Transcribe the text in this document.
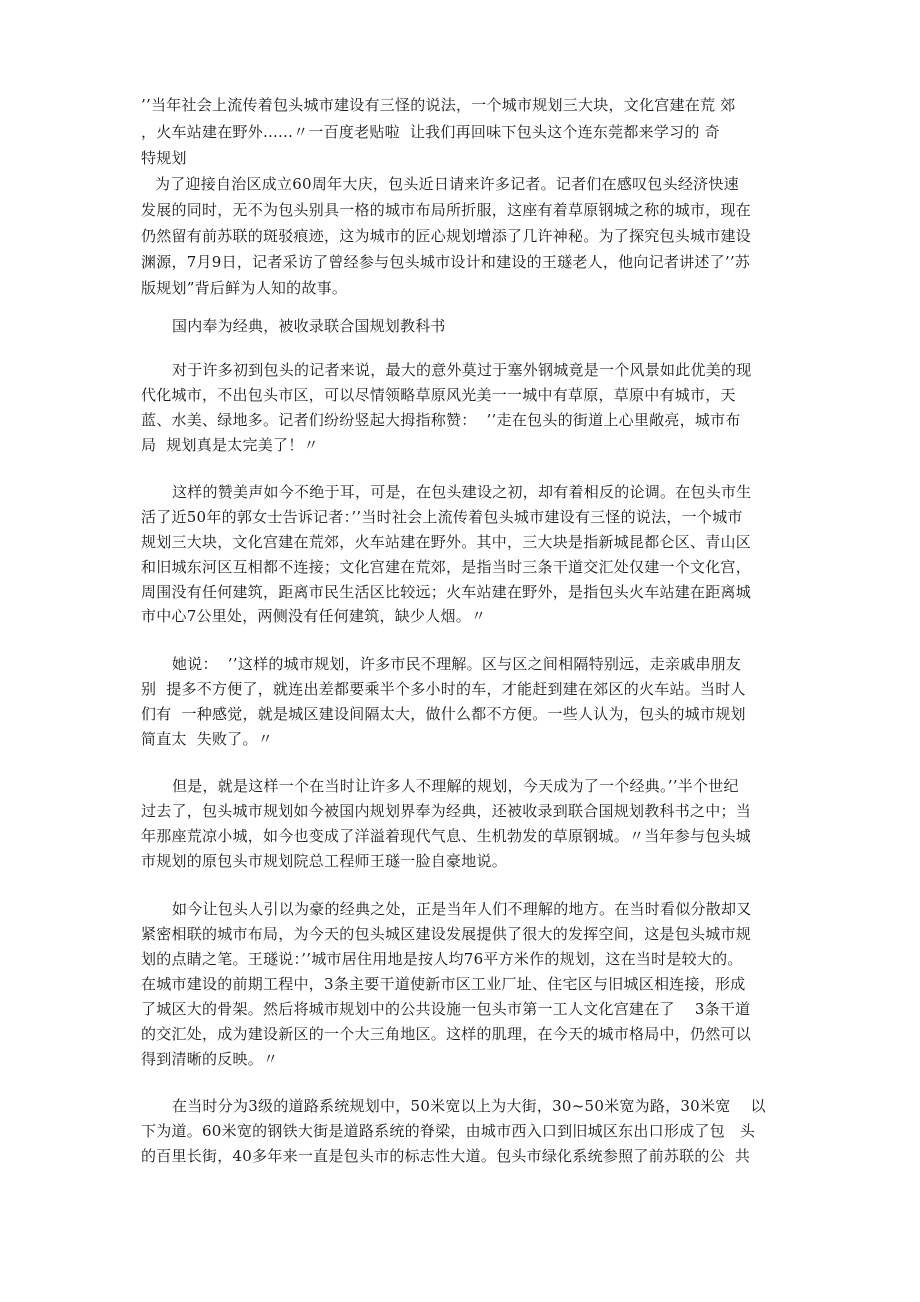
’’当年社会上流传着包头城市建设有三怪的说法，一个城市规划三大块，文化宫建在荒 郊
，火车站建在野外......〃一百度老贴啦  让我们再回味下包头这个连东莞都来学习的 奇
特规划
为了迎接自治区成立60周年大庆，包头近日请来许多记者。记者们在感叹包头经济快速
发展的同时，无不为包头别具一格的城市布局所折服，这座有着草原钢城之称的城市，现在
仍然留有前苏联的斑驳痕迹，这为城市的匠心规划增添了几许神秘。为了探究包头城市建设
渊源，7月9日，记者采访了曾经参与包头城市设计和建设的王璲老人，他向记者讲述了’’苏
版规划”背后鲜为人知的故事。
国内奉为经典，被收录联合国规划教科书
对于许多初到包头的记者来说，最大的意外莫过于塞外钢城竟是一个风景如此优美的现
代化城市，不出包头市区，可以尽情领略草原风光美一一城中有草原，草原中有城市，天
蓝、水美、绿地多。记者们纷纷竖起大拇指称赞：  ’’走在包头的街道上心里敞亮，城市布
局  规划真是太完美了！〃
这样的赞美声如今不绝于耳，可是，在包头建设之初，却有着相反的论调。在包头市生
活了近50年的郭女士告诉记者：’’当时社会上流传着包头城市建设有三怪的说法，一个城市
规划三大块，文化宫建在荒郊，火车站建在野外。其中，三大块是指新城昆都仑区、青山区
和旧城东河区互相都不连接；文化宫建在荒郊，是指当时三条干道交汇处仅建一个文化宫，
周围没有任何建筑，距离市民生活区比较远；火车站建在野外，是指包头火车站建在距离城
市中心7公里处，两侧没有任何建筑，缺少人烟。〃
她说：  ’’这样的城市规划，许多市民不理解。区与区之间相隔特别远，走亲戚串朋友
别  提多不方便了，就连出差都要乘半个多小时的车，才能赶到建在郊区的火车站。当时人
们有  一种感觉，就是城区建设间隔太大，做什么都不方便。一些人认为，包头的城市规划
简直太  失败了。〃
但是，就是这样一个在当时让许多人不理解的规划，今天成为了一个经典。’’半个世纪
过去了，包头城市规划如今被国内规划界奉为经典，还被收录到联合国规划教科书之中；当
年那座荒凉小城，如今也变成了洋溢着现代气息、生机勃发的草原钢城。〃当年参与包头城
市规划的原包头市规划院总工程师王璲一脸自豪地说。
如今让包头人引以为豪的经典之处，正是当年人们不理解的地方。在当时看似分散却又
紧密相联的城市布局，为今天的包头城区建设发展提供了很大的发挥空间，这是包头城市规
划的点睛之笔。王璲说：’’城市居住用地是按人均76平方米作的规划，这在当时是较大的。
在城市建设的前期工程中，3条主要干道使新市区工业厂址、住宅区与旧城区相连接，形成
了城区大的骨架。然后将城市规划中的公共设施一包头市第一工人文化宫建在了    3条干道
的交汇处，成为建设新区的一个大三角地区。这样的肌理，在今天的城市格局中，仍然可以
得到清晰的反映。〃
在当时分为3级的道路系统规划中，50米宽以上为大街，30~50米宽为路，30米宽    以
下为道。60米宽的钢铁大街是道路系统的脊梁，由城市西入口到旧城区东出口形成了包   头
的百里长街，40多年来一直是包头市的标志性大道。包头市绿化系统参照了前苏联的公  共
